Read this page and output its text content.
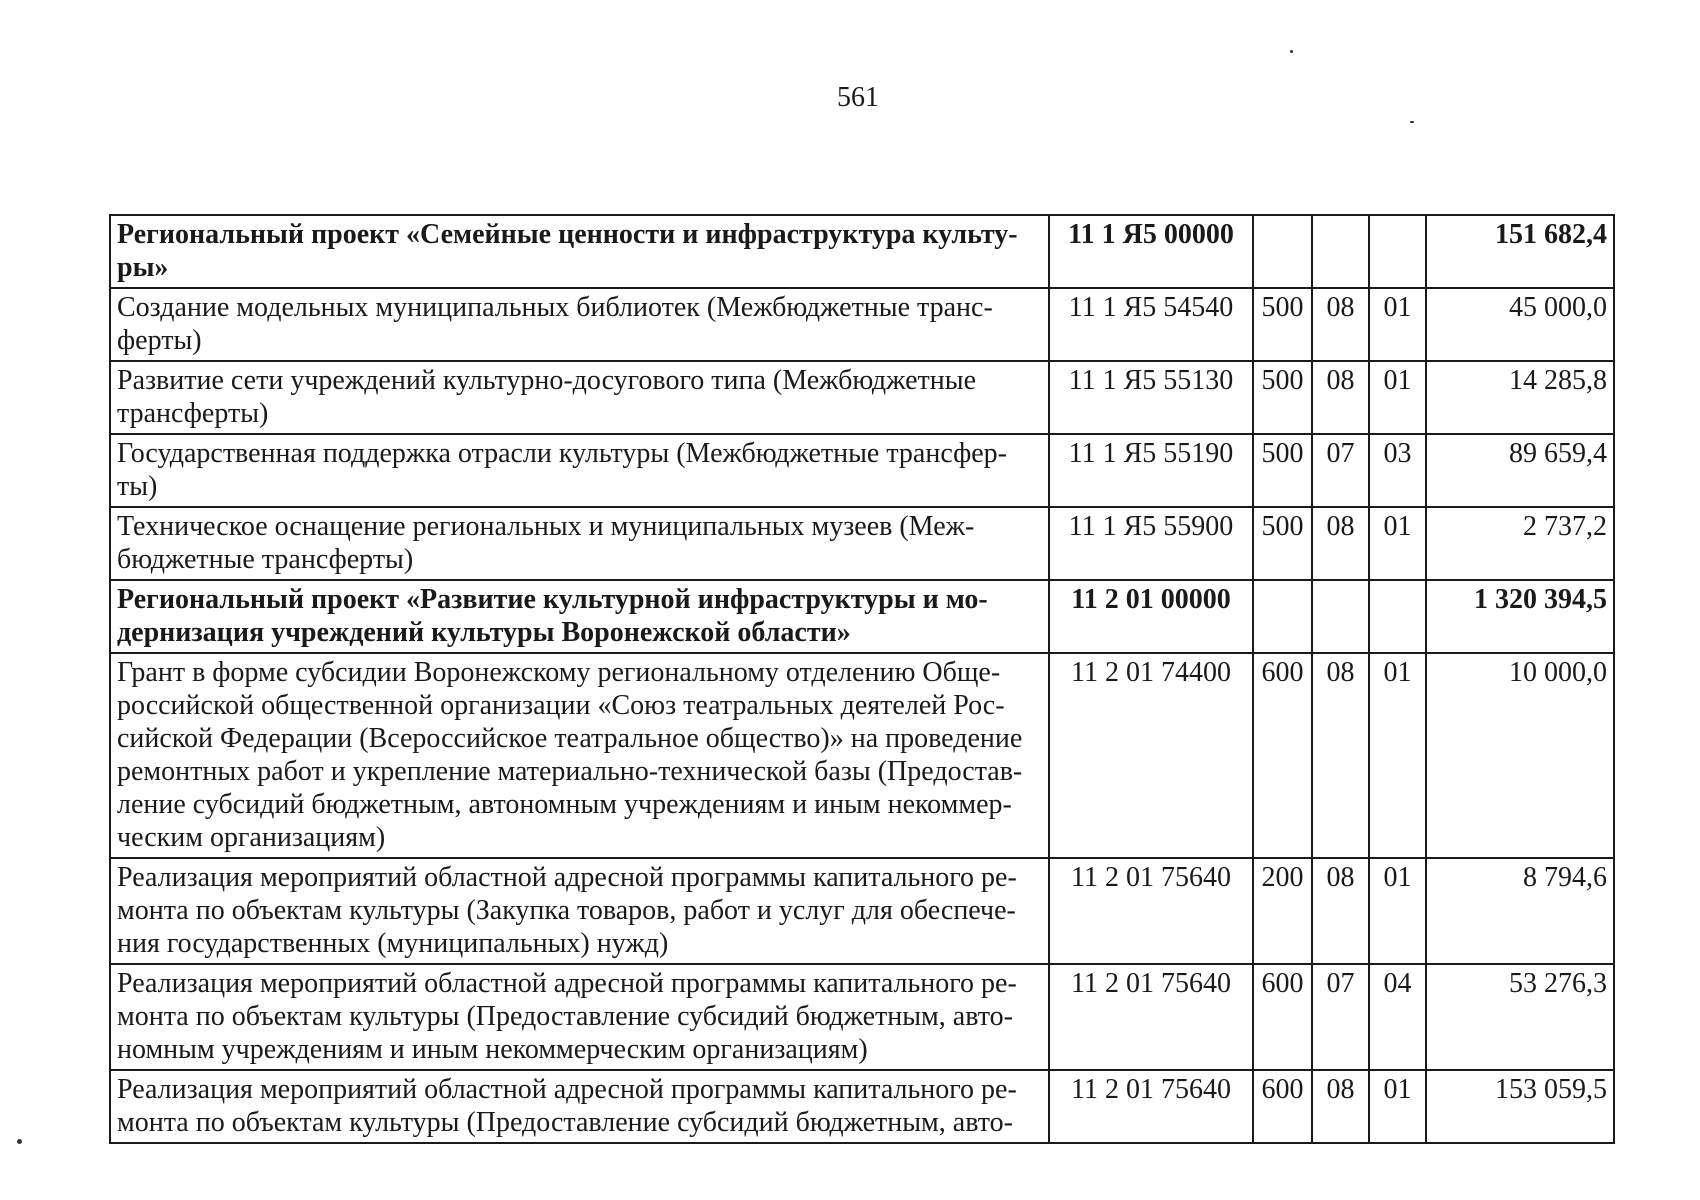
561
Региональный проект «Семейные ценности и инфраструктура культу-ры»	11 1 Я5 00000				151 682,4
Создание модельных муниципальных библиотек (Межбюджетные транс-ферты)	11 1 Я5 54540	500	08	01	45 000,0
Развитие сети учреждений культурно-досугового типа (Межбюджетные трансферты)	11 1 Я5 55130	500	08	01	14 285,8
Государственная поддержка отрасли культуры (Межбюджетные трансфер-ты)	11 1 Я5 55190	500	07	03	89 659,4
Техническое оснащение региональных и муниципальных музеев (Меж-бюджетные трансферты)	11 1 Я5 55900	500	08	01	2 737,2
Региональный проект «Развитие культурной инфраструктуры и мо-дернизация учреждений культуры Воронежской области»	11 2 01 00000				1 320 394,5
Грант в форме субсидии Воронежскому региональному отделению Обще-российской общественной организации «Союз театральных деятелей Рос-сийской Федерации (Всероссийское театральное общество)» на проведение ремонтных работ и укрепление материально-технической базы (Предостав-ление субсидий бюджетным, автономным учреждениям и иным некоммер-ческим организациям)	11 2 01 74400	600	08	01	10 000,0
Реализация мероприятий областной адресной программы капитального ре-монта по объектам культуры (Закупка товаров, работ и услуг для обеспече-ния государственных (муниципальных) нужд)	11 2 01 75640	200	08	01	8 794,6
Реализация мероприятий областной адресной программы капитального ре-монта по объектам культуры (Предоставление субсидий бюджетным, авто-номным учреждениям и иным некоммерческим организациям)	11 2 01 75640	600	07	04	53 276,3
Реализация мероприятий областной адресной программы капитального ре-монта по объектам культуры (Предоставление субсидий бюджетным, авто-	11 2 01 75640	600	08	01	153 059,5
